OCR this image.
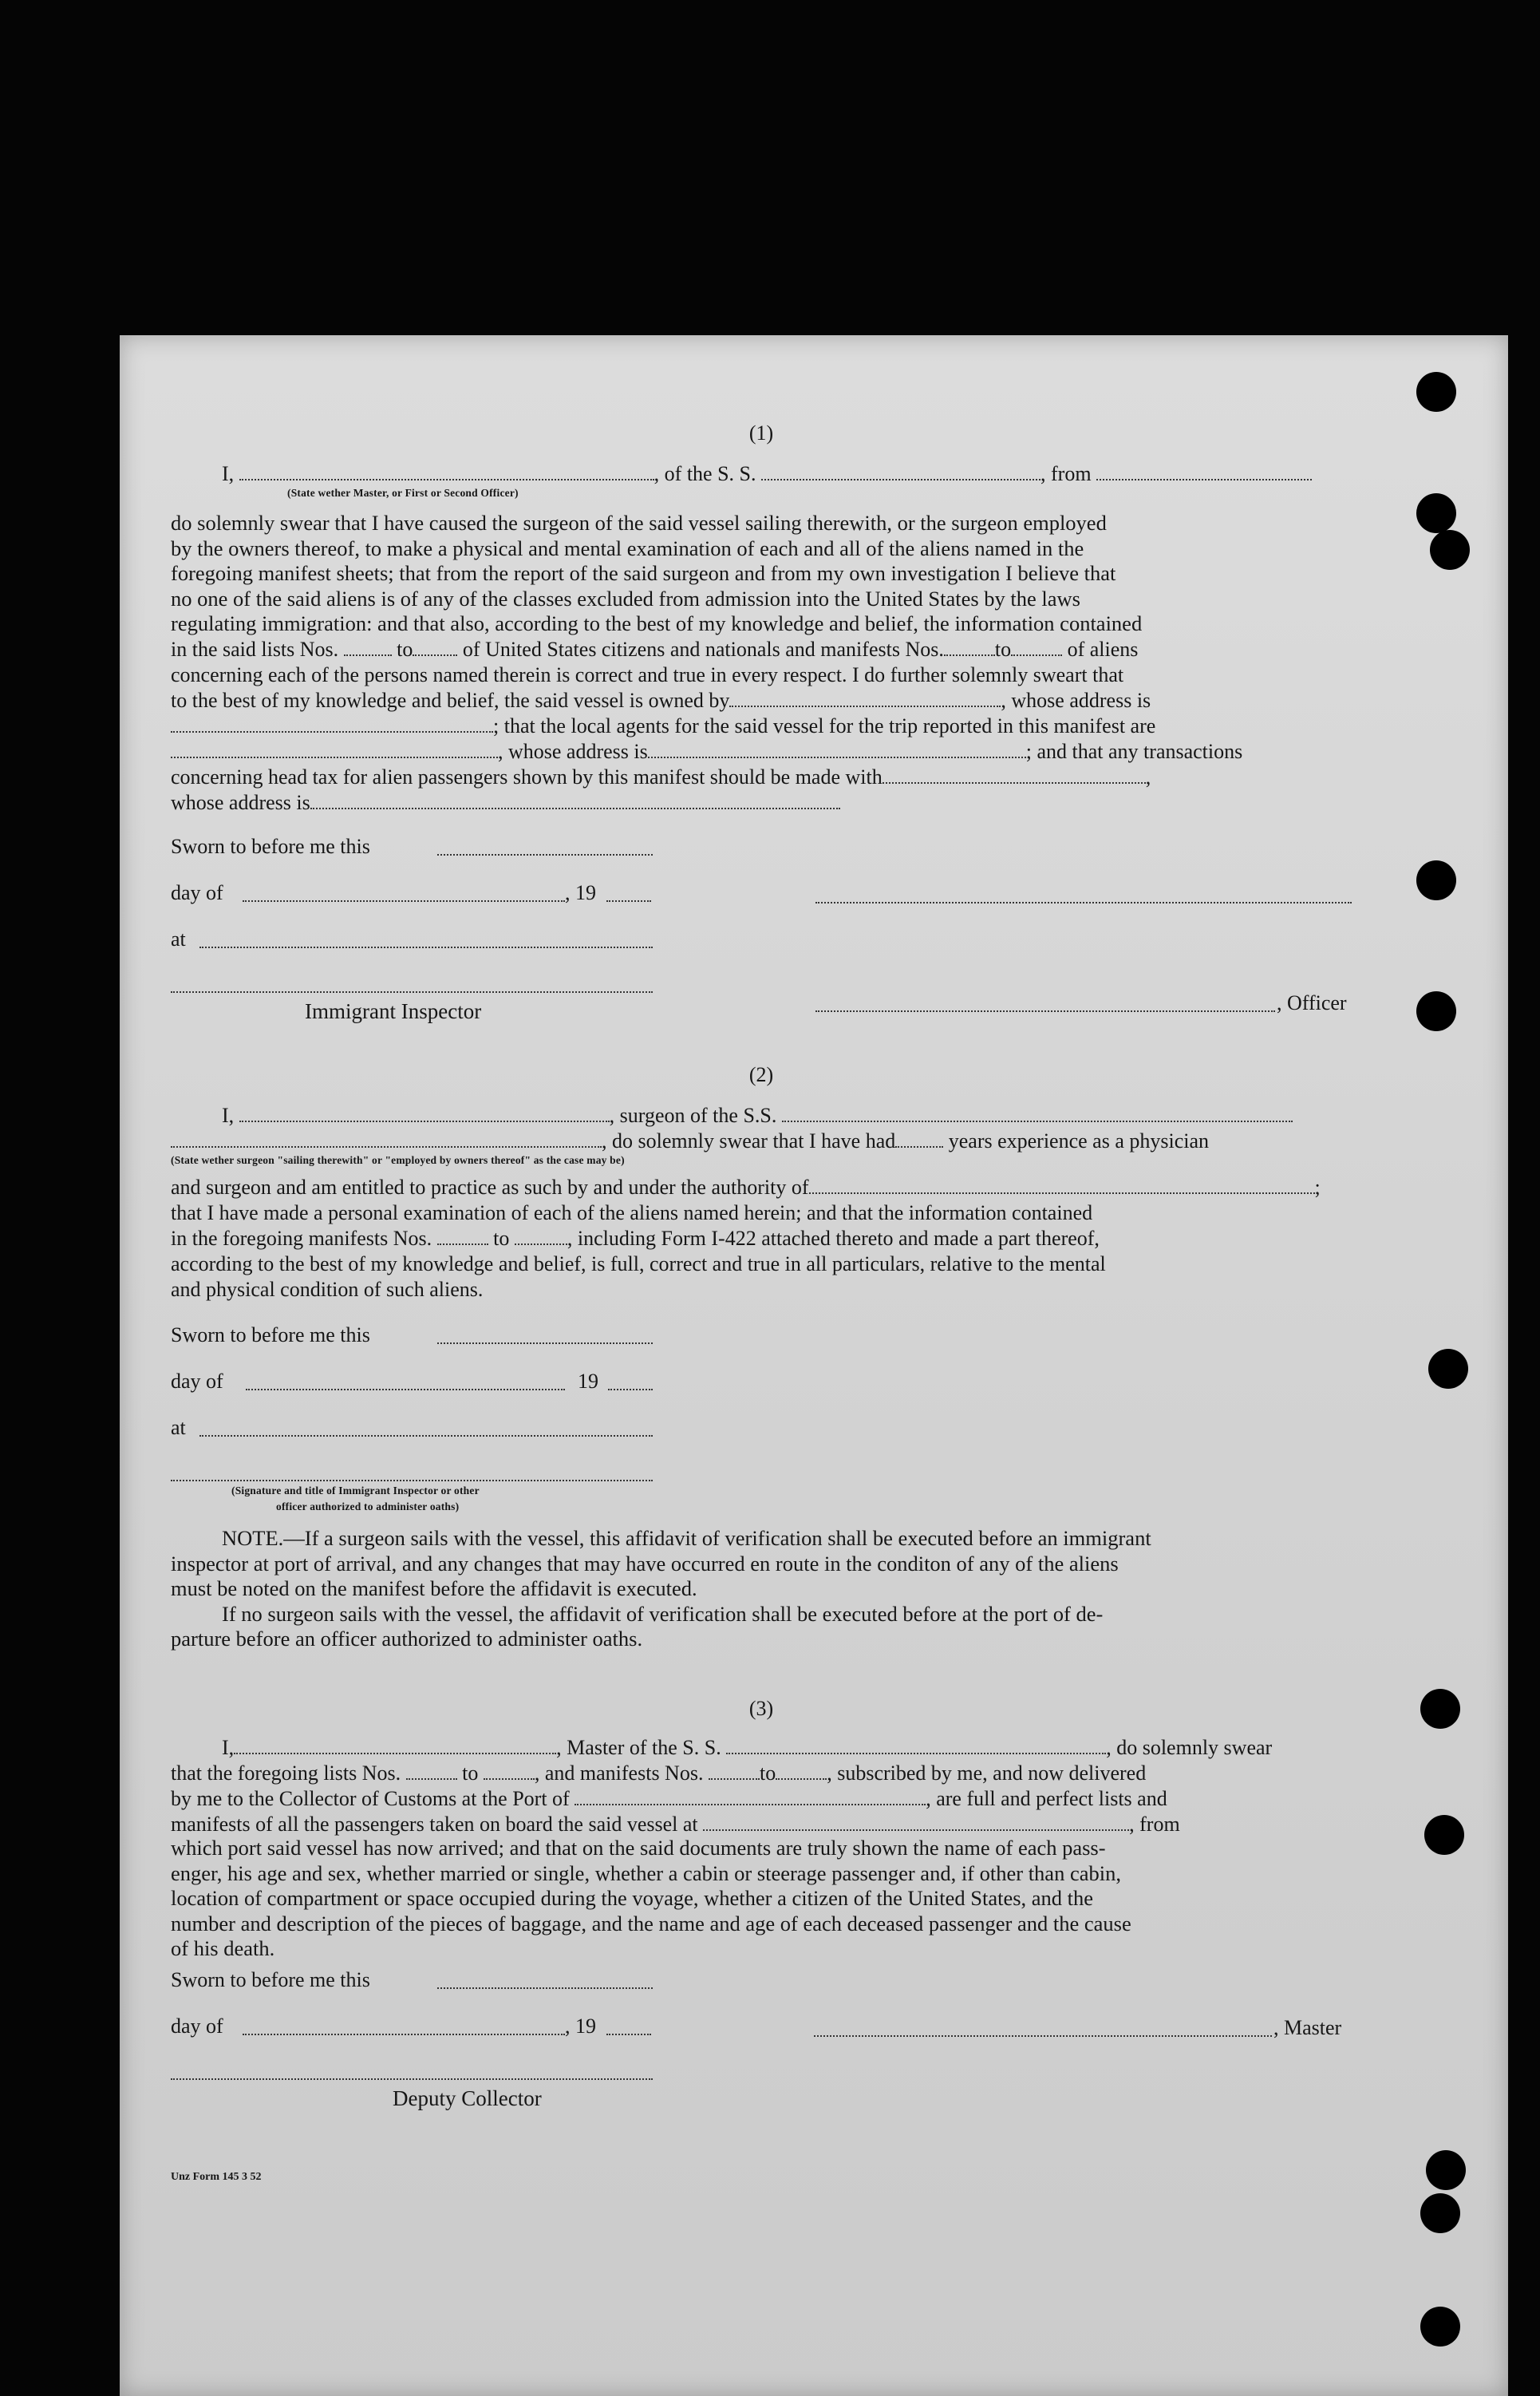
(1)
I,	, of the S. S.	, from
(State wether Master, or First or Second Officer)
do solemnly swear that I have caused the surgeon of the said vessel sailing therewith, or the surgeon employed
by the owners thereof, to make a physical and mental examination of each and all of the aliens named in the
foregoing manifest sheets; that from the report of the said surgeon and from my own investigation I believe that
no one of the said aliens is of any of the classes excluded from admission into the United States by the laws
regulating immigration: and that also, according to the best of my knowledge and belief, the information contained
in the said lists Nos.	to of United States citizens and nationals and manifests Nos. to	of aliens
concerning each of the persons named therein is correct and true in every respect. I do further solemnly sweart that
to the best of my knowledge and belief, the said vessel is owned by	, whose address is
; that the local agents for the said vessel for the trip reported in this manifest are
, whose address is	; and that any transactions
concerning head tax for alien passengers shown by this manifest should be made with	,
whose address is
Sworn to before me this
day of	, 19
at
Immigrant Inspector	, Officer
(2)
I,	, surgeon of the S.S.
, do solemnly swear that I have had	years experience as a physician
(State wether surgeon "sailing therewith" or "employed by owners thereof" as the case may be)
and surgeon and am entitled to practice as such by and under the authority of	;
that I have made a personal examination of each of the aliens named herein; and that the information contained
in the foregoing manifests Nos.	to	, including Form I-422 attached thereto and made a part thereof,
according to the best of my knowledge and belief, is full, correct and true in all particulars, relative to the mental
and physical condition of such aliens.
Sworn to before me this
day of	19
at
(Signature and title of Immigrant Inspector or other
officer authorized to administer oaths)
NOTE.—If a surgeon sails with the vessel, this affidavit of verification shall be executed before an immigrant
inspector at port of arrival, and any changes that may have occurred en route in the conditon of any of the aliens
must be noted on the manifest before the affidavit is executed.
If no surgeon sails with the vessel, the affidavit of verification shall be executed before at the port of de-
parture before an officer authorized to administer oaths.
(3)
I,	, Master of the S. S.	, do solemnly swear
that the foregoing lists Nos.	to	, and manifests Nos.	to , subscribed by me, and now delivered
by me to the Collector of Customs at the Port of	, are full and perfect lists and
manifests of all the passengers taken on board the said vessel at	, from
which port said vessel has now arrived; and that on the said documents are truly shown the name of each pass-
enger, his age and sex, whether married or single, whether a cabin or steerage passenger and, if other than cabin,
location of compartment or space occupied during the voyage, whether a citizen of the United States, and the
number and description of the pieces of baggage, and the name and age of each deceased passenger and the cause
of his death.
Sworn to before me this
day of	, 19	, Master
Deputy Collector
Unz Form 145 3 52
